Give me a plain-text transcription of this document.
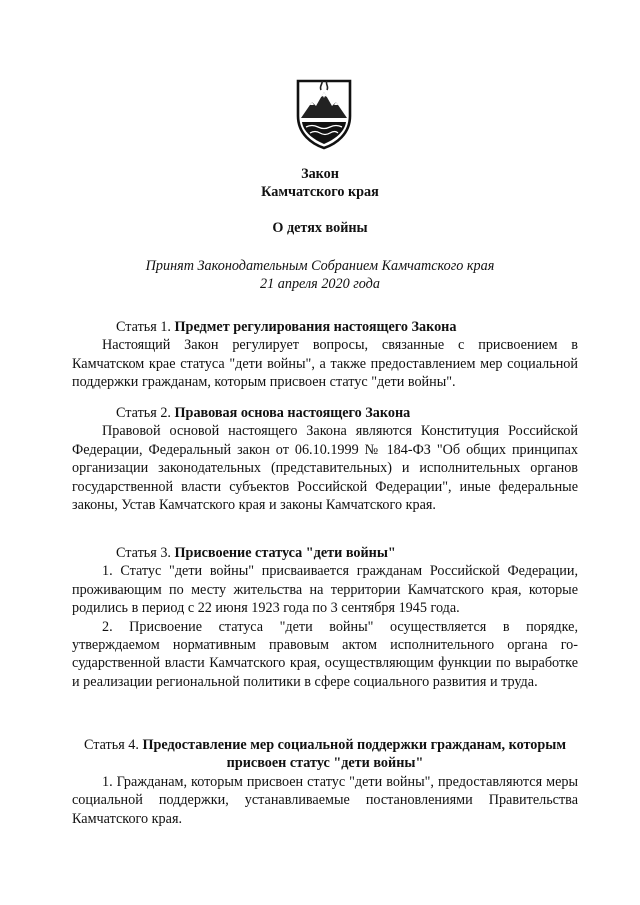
Закон
Камчатского края
О детях войны
Принят Законодательным Собранием Камчатского края
21 апреля 2020 года

Статья 1. Предмет регулирования настоящего Закона

Настоящий Закон регулирует вопросы, связанные с присвоением в Камчатском крае статуса "дети войны", а также предоставлением мер социальной поддержки гражданам, которым присвоен статус "дети войны".

Статья 2. Правовая основа настоящего Закона

Правовой основой настоящего Закона являются Конституция Российской Федерации, Федеральный закон от 06.10.1999 № 184-ФЗ "Об общих принципах организации законодательных (представительных) и исполнительных органов государственной власти субъектов Российской Федерации", иные федеральные законы, Устав Камчатского края и законы Камчатского края.

Статья 3. Присвоение статуса "дети войны"

1. Статус "дети войны" присваивается гражданам Российской Федерации, проживающим по месту жительства на территории Камчатского края, которые родились в период с 22 июня 1923 года по 3 сентября 1945 года.

2. Присвоение статуса "дети войны" осуществляется в порядке, утверждаемом нормативным правовым актом исполнительного органа государственной власти Камчатского края, осуществляющим функции по выработке и реализации региональной политики в сфере социального развития и труда.

Статья 4. Предоставление мер социальной поддержки гражданам, которым присвоен статус "дети войны"

1. Гражданам, которым присвоен статус "дети войны", предоставляются меры социальной поддержки, устанавливаемые постановлениями Правительства Камчатского края.
